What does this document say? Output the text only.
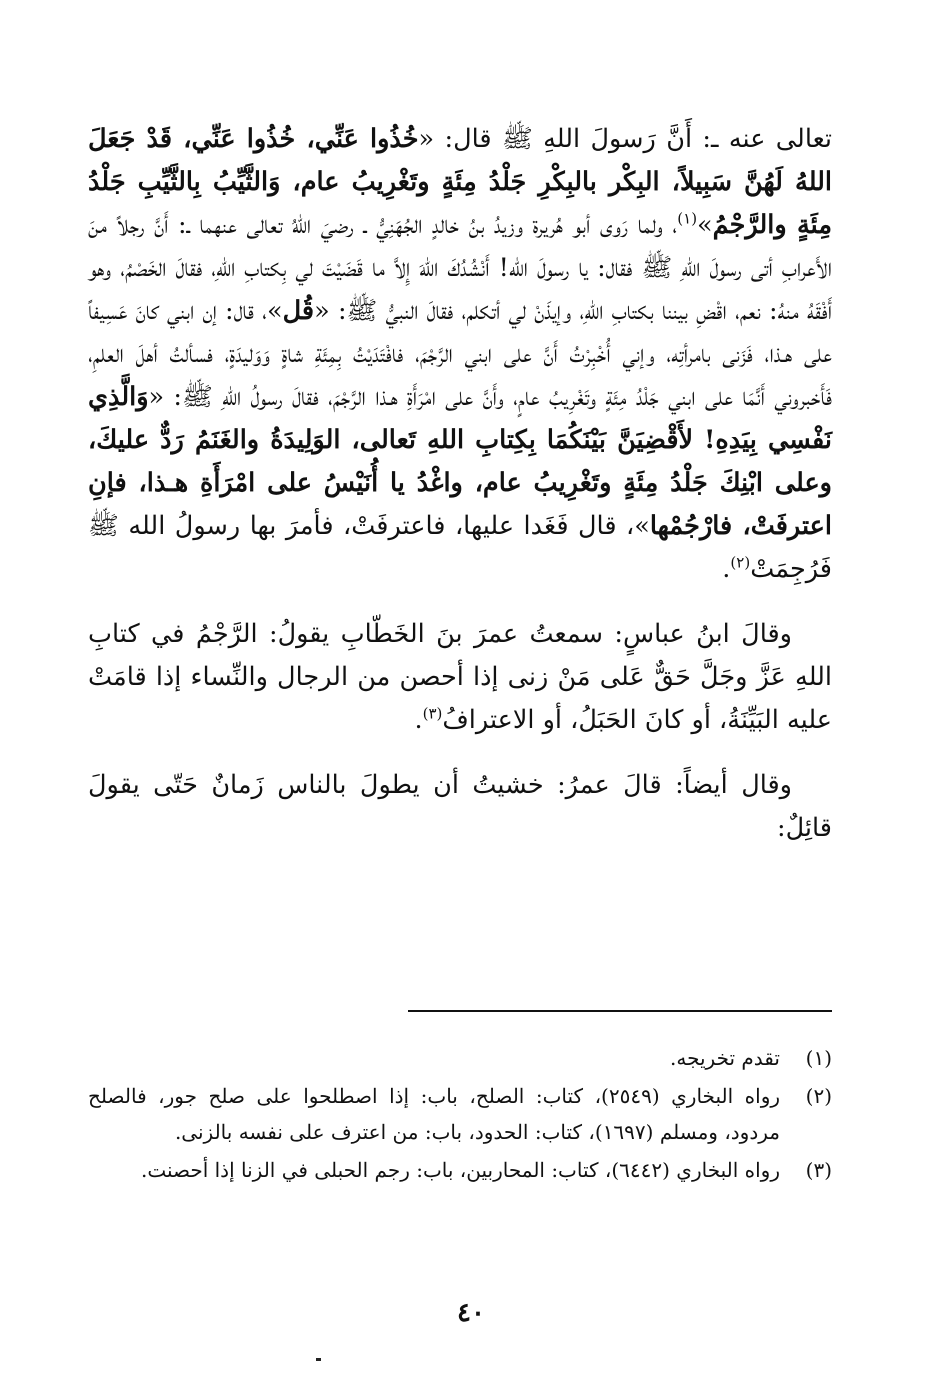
تعالى عنه ـ: أَنَّ رَسولَ اللهِ ﷺ قال: «خُذُوا عَنِّي، خُذُوا عَنِّي، قَدْ جَعَلَ اللهُ لَهُنَّ سَبِيلاً، البِكْر بالبِكْرِ جَلْدُ مِئَةٍ وتَغْرِيبُ عام، وَالثَّيِّبُ بِالثَّيِّبِ جَلْدُ مِئَةٍ والرَّجْمُ»$^{(١)}$، ولما رَوى أبو هُريرة وزيدُ بنُ خالدٍ الجُهَنِيُّ ـ رضيَ اللهُ تعالى عنهما ـ: أَنَّ رجلاً منَ الأَعرابِ أتى رسولَ اللهِ ﷺ فقال: يا رسولَ الله! أَنْشُدُكَ اللهَ إِلاَّ ما قَضَيْتَ لي بِكتابِ اللهِ، فقالَ الخَصْمُ، وهو أَفْقَهُ منهُ: نعم، اقْضِ بيننا بكتابِ اللهِ، وإيذَنْ لي أتكلم، فقالَ النبيُّ ﷺ: «قُل»، قال: إن ابني كانَ عَسِيفاً على هـذا، فَزَنى بامرأتِه، وإني أُخْبِرْتُ أَنَّ على ابني الرَّجْمَ، فافْتَدَيْتُ بِمِئَةِ شاةٍ وَوَليدَةٍ، فسألتُ أهلَ العلمِ، فَأَخبروني أَنَّمَا على ابني جَلْدُ مِئَةٍ وتَغْرِيبُ عامٍ، وأَنَّ على امْرَأَةِ هـذا الرَّجْمَ، فقالَ رسولُ اللهِ ﷺ: «وَالَّذِي نَفْسِي بِيَدِهِ! لأَقْضِيَنَّ بَيْنَكُمَا بِكِتابِ اللهِ تَعالى، الوَلِيدَةُ والغَنَمُ رَدٌّ عليكَ، وعلى ابْنِكَ جَلْدُ مِئَةٍ وتَغْرِيبُ عام، واغْدُ يا أُنَيْسُ على امْرَأَةِ هـذا، فإنِ اعترفَتْ، فارْجُمْها»، قال فَغَدا عليها، فاعترفَتْ، فأمرَ بها رسولُ الله ﷺ فَرُجِمَتْ$^{(٢)}$.

وقالَ ابنُ عباسٍ: سمعتُ عمرَ بنَ الخَطّابِ يقولُ: الرَّجْمُ في كتابِ اللهِ عَزَّ وجَلَّ حَقٌّ عَلى مَنْ زنى إذا أحصن من الرجال والنِّساء إذا قامَتْ عليه البَيِّنَةُ، أو كانَ الحَبَلُ، أو الاعترافُ$^{(٣)}$.

وقال أيضاً: قالَ عمرُ: خشيتُ أن يطولَ بالناس زَمانٌ حَتّى يقولَ قائِلٌ:

(١)
تقدم تخريجه.
(٢)
رواه البخاري (٢٥٤٩)، كتاب: الصلح، باب: إذا اصطلحوا على صلح جور، فالصلح مردود، ومسلم (١٦٩٧)، كتاب: الحدود، باب: من اعترف على نفسه بالزنى.
(٣)
رواه البخاري (٦٤٤٢)، كتاب: المحاربين، باب: رجم الحبلى في الزنا إذا أحصنت.
٤٠
